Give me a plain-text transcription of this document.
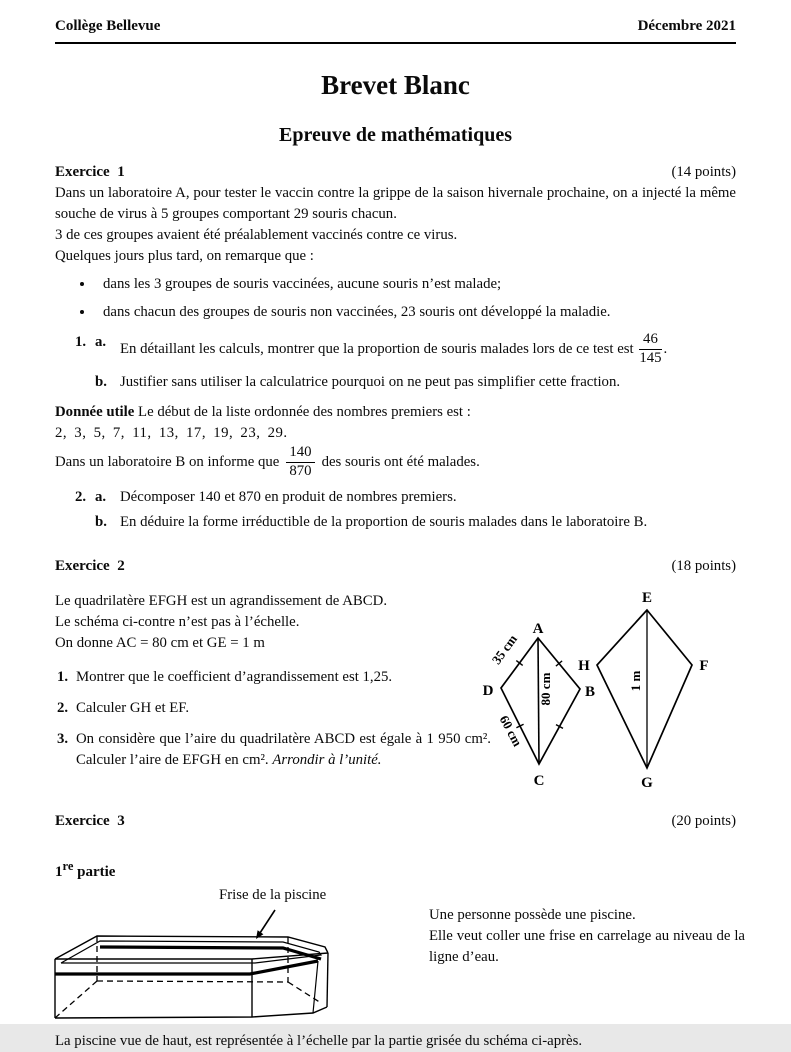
Collège Bellevue	Décembre 2021
Brevet Blanc
Epreuve de mathématiques
Exercice  1	(14 points)

Dans un laboratoire A, pour tester le vaccin contre la grippe de la saison hivernale prochaine, on a injecté la même souche de virus à 5 groupes comportant 29 souris chacun.

3 de ces groupes avaient été préalablement vaccinés contre ce virus.

Quelques jours plus tard, on remarque que :

• dans les 3 groupes de souris vaccinées, aucune souris n’est malade;
• dans chacun des groupes de souris non vaccinées, 23 souris ont développé la maladie.
1. a. En détaillant les calculs, montrer que la proportion de souris malades lors de ce test est $\frac{46}{145}$ .
b. Justifier sans utiliser la calculatrice pourquoi on ne peut pas simplifier cette fraction.

Donnée utile Le début de la liste ordonnée des nombres premiers est :

2, 3, 5, 7, 11, 13, 17, 19, 23, 29.

Dans un laboratoire B on informe que $\frac{140}{870}$ des souris ont été malades.
2. a. Décomposer 140 et 870 en produit de nombres premiers.
b. En déduire la forme irréductible de la proportion de souris malades dans le laboratoire B.
Exercice  2	(18 points)

Le quadrilatère EFGH est un agrandissement de ABCD.

Le schéma ci-contre n’est pas à l’échelle.

On donne AC = 80 cm et GE = 1 m

1. Montrer que le coefficient d’agrandissement est 1,25.
2. Calculer GH et EF.
3. On considère que l’aire du quadrilatère ABCD est égale à 1 950 cm². Calculer l’aire de EFGH en cm². Arrondir à l’unité.
A
D	B
C
35 cm
80 cm
60 cm
E
H	F
G
1 m
Exercice  3	(20 points)
1re partie
Frise de la piscine

Une personne possède une piscine.

Elle veut coller une frise en carrelage au niveau de la ligne d’eau.

La piscine vue de haut, est représentée à l’échelle par la partie grisée du schéma ci-après.
